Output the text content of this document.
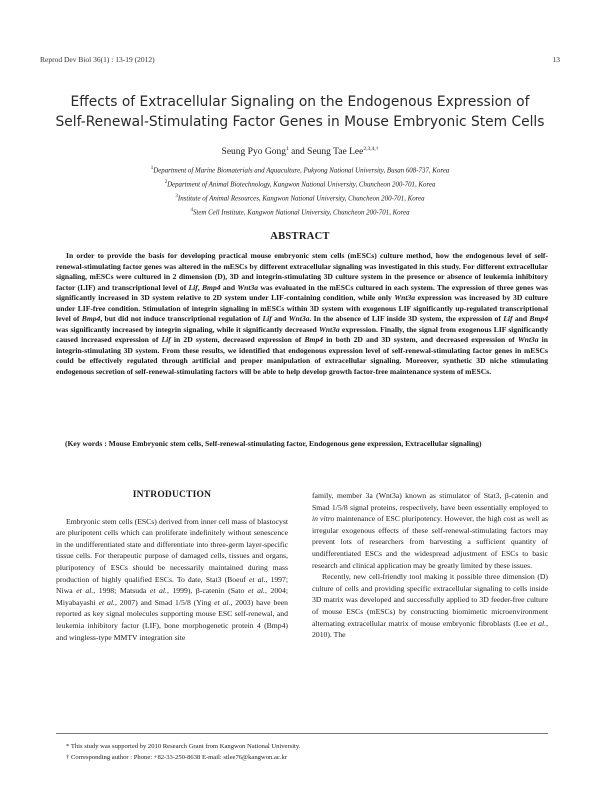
Reprod Dev Biol 36(1) : 13-19 (2012)	13
Effects of Extracellular Signaling on the Endogenous Expression of
Self-Renewal-Stimulating Factor Genes in Mouse Embryonic Stem Cells
Seung Pyo Gong$^1$ and Seung Tae Lee$^{2,3,4,\dagger}$
$^1$Department of Marine Biomaterials and Aquaculture, Pukyong National University, Busan 608-737, Korea
$^2$Department of Animal Biotechnology, Kangwon National University, Chuncheon 200-701, Korea
$^3$Institute of Animal Resources, Kangwon National University, Chuncheon 200-701, Korea
$^4$Stem Cell Institute, Kangwon National University, Chuncheon 200-701, Korea
ABSTRACT
In order to provide the basis for developing practical mouse embryonic stem cells (mESCs) culture method, how the endogenous level of self-renewal-stimulating factor genes was altered in the mESCs by different extracellular signaling was investigated in this study. For different extracellular signaling, mESCs were cultured in 2 dimension (D), 3D and integrin-stimulating 3D culture system in the presence or absence of leukemia inhibitory factor (LIF) and transcriptional level of Lif, Bmp4 and Wnt3a was evaluated in the mESCs cultured in each system. The expression of three genes was significantly increased in 3D system relative to 2D system under LIF-containing condition, while only Wnt3a expression was increased by 3D culture under LIF-free condition. Stimulation of integrin signaling in mESCs within 3D system with exogenous LIF significantly up-regulated transcriptional level of Bmp4, but did not induce transcriptional regulation of Lif and Wnt3a. In the absence of LIF inside 3D system, the expression of Lif and Bmp4 was significantly increased by integrin signaling, while it significantly decreased Wnt3a expression. Finally, the signal from exogenous LIF significantly caused increased expression of Lif in 2D system, decreased expression of Bmp4 in both 2D and 3D system, and decreased expression of Wnt3a in integrin-stimulating 3D system. From these results, we identified that endogenous expression level of self-renewal-stimulating factor genes in mESCs could be effectively regulated through artificial and proper manipulation of extracellular signaling. Moreover, synthetic 3D niche stimulating endogenous secretion of self-renewal-stimulating factors will be able to help develop growth factor-free maintenance system of mESCs.
(Key words : Mouse Embryonic stem cells, Self-renewal-stimulating factor, Endogenous gene expression, Extracellular signaling)
INTRODUCTION

Embryonic stem cells (ESCs) derived from inner cell mass of blastocyst are pluripotent cells which can proliferate indefinitely without senescence in the undifferentiated state and differentiate into three-germ layer-specific tissue cells. For therapeutic purpose of damaged cells, tissues and organs, pluripotency of ESCs should be necessarily maintained during mass production of highly qualified ESCs. To date, Stat3 (Boeuf et al., 1997; Niwa et al., 1998; Matsuda et al., 1999), β-catenin (Sato et al., 2004; Miyabayashi et al., 2007) and Smad 1/5/8 (Ying et al., 2003) have been reported as key signal molecules supporting mouse ESC self-renewal, and leukemia inhibitory factor (LIF), bone morphogenetic protein 4 (Bmp4) and wingless-type MMTV integration site

family, member 3a (Wnt3a) known as stimulator of Stat3, β-catenin and Smad 1/5/8 signal proteins, respectively, have been essentially employed to in vitro maintenance of ESC pluripotency. However, the high cost as well as irregular exogenous effects of these self-renewal-stimulating factors may prevent lots of researchers from harvesting a sufficient quantity of undifferentiated ESCs and the widespread adjustment of ESCs to basic research and clinical application may be greatly limited by these issues.

Recently, new cell-friendly tool making it possible three dimension (D) culture of cells and providing specific extracellular signaling to cells inside 3D matrix was developed and successfully applied to 3D feeder-free culture of mouse ESCs (mESCs) by constructing biomimetic microenvironment alternating extracellular matrix of mouse embryonic fibroblasts (Lee et al., 2010). The

* This study was supported by 2010 Research Grant from Kangwon National University.
† Corresponding author : Phone: +82-33-250-8638 E-mail: stlee76@kangwon.ac.kr
